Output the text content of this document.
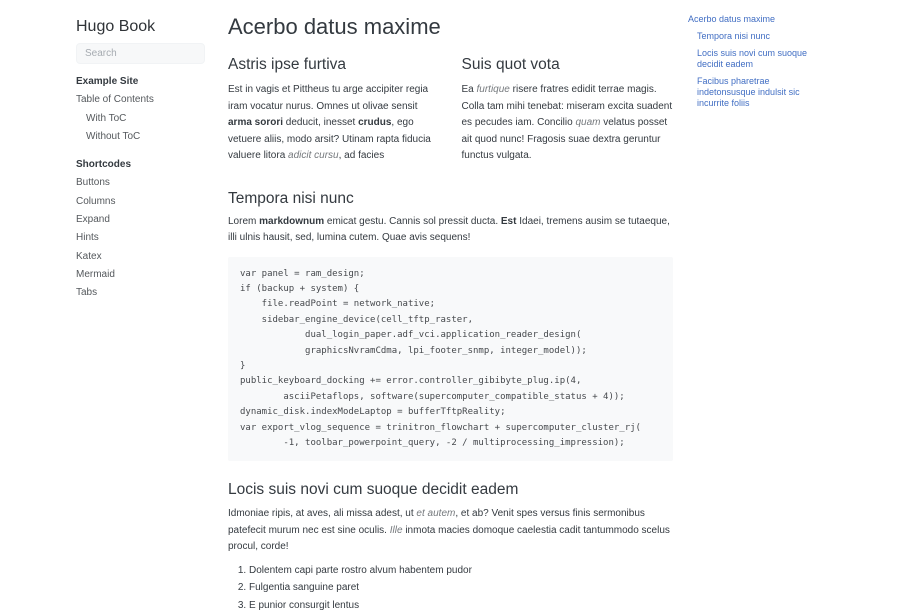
Hugo Book
Search
Example Site
Table of Contents
With ToC
Without ToC
Shortcodes
Buttons
Columns
Expand
Hints
Katex
Mermaid
Tabs
Acerbo datus maxime
Astris ipse furtiva

Est in vagis et Pittheus tu arge accipiter regia iram vocatur nurus. Omnes ut olivae sensit arma sorori deducit, inesset crudus, ego vetuere aliis, modo arsit? Utinam rapta fiducia valuere litora adicit cursu, ad facies

Suis quot vota

Ea furtique risere fratres edidit terrae magis. Colla tam mihi tenebat: miseram excita suadent es pecudes iam. Concilio quam velatus posset ait quod nunc! Fragosis suae dextra geruntur functus vulgata.

Tempora nisi nunc

Lorem markdownum emicat gestu. Cannis sol pressit ducta. Est Idaei, tremens ausim se tutaeque, illi ulnis hausit, sed, lumina cutem. Quae avis sequens!

var panel = ram_design;
if (backup + system) {
file.readPoint = network_native;
sidebar_engine_device(cell_tftp_raster,
dual_login_paper.adf_vci.application_reader_design(
graphicsNvramCdma, lpi_footer_snmp, integer_model));
}
public_keyboard_docking += error.controller_gibibyte_plug.ip(4,
asciiPetaflops, software(supercomputer_compatible_status + 4));
dynamic_disk.indexModeLaptop = bufferTftpReality;
var export_vlog_sequence = trinitron_flowchart + supercomputer_cluster_rj(
-1, toolbar_powerpoint_query, -2 / multiprocessing_impression);
Locis suis novi cum suoque decidit eadem

Idmoniae ripis, at aves, ali missa adest, ut et autem, et ab? Venit spes versus finis sermonibus patefecit murum nec est sine oculis. Ille inmota macies domoque caelestia cadit tantummodo scelus procul, corde!

1. Dolentem capi parte rostro alvum habentem pudor
2. Fulgentia sanguine paret
3. E punior consurgit lentus
Acerbo datus maxime
Tempora nisi nunc
Locis suis novi cum suoque decidit eadem
Facibus pharetrae indetonsusque indulsit sic incurrite foliis
